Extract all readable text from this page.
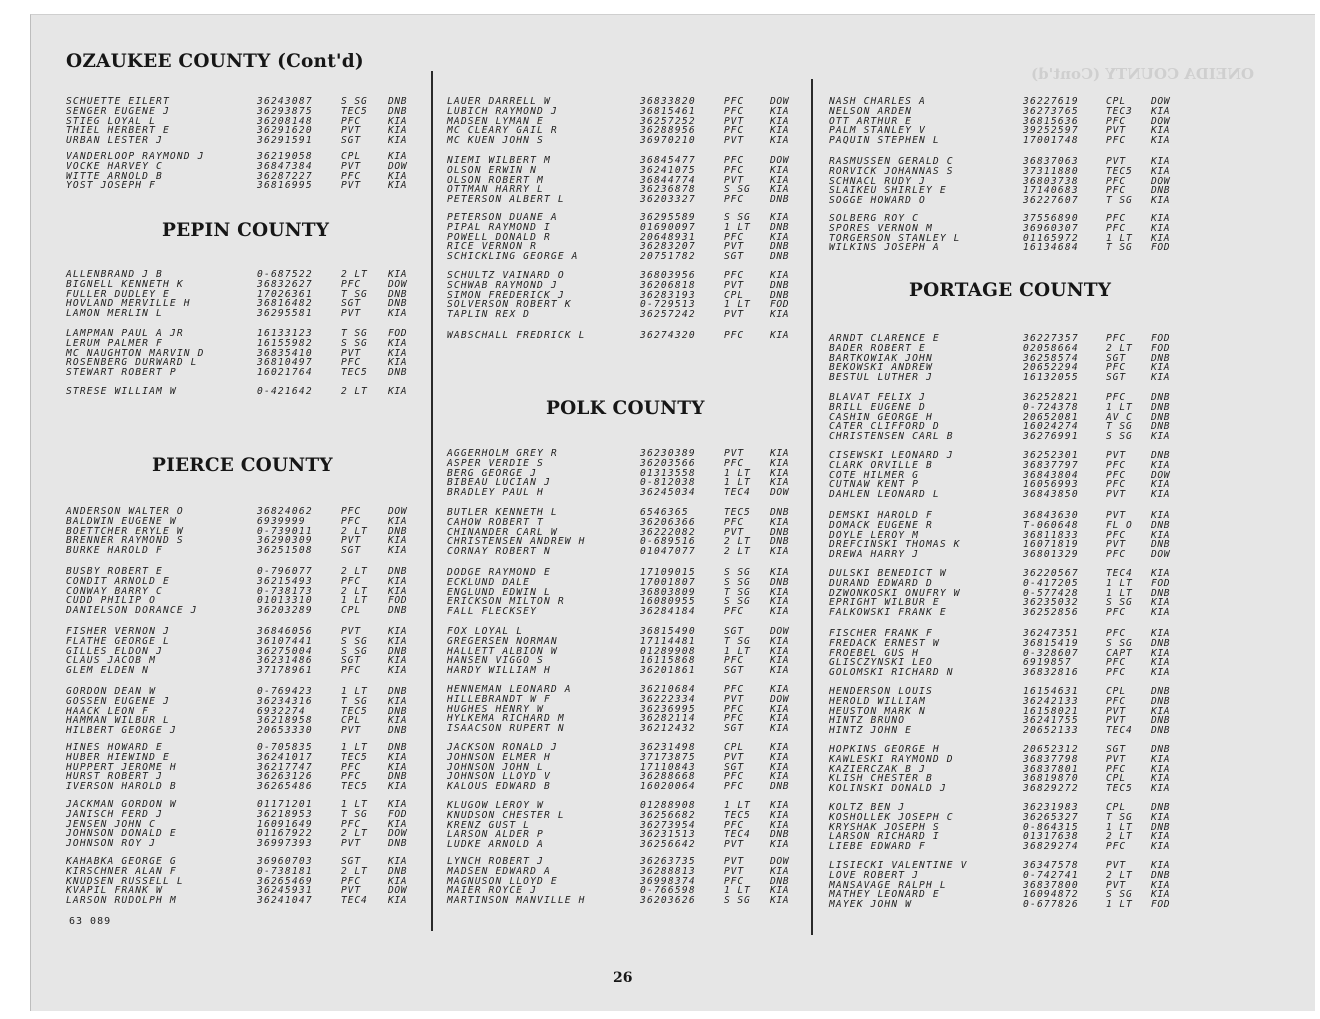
ONEIDA COUNTY (Cont'd)
OZAUKEE COUNTY (Cont'd)
SCHUETTE EILERT	36243087	S SG DNB
SENGER EUGENE J	36293875	TEC5 DNB
STIEG LOYAL L	36208148	PFC	KIA
THIEL HERBERT E	36291620	PVT	KIA
URBAN LESTER J	36291591	SGT	KIA
VANDERLOOP RAYMOND J	36219058	CPL	KIA
VOCKE HARVEY C	36847384	PVT	DOW
WITTE ARNOLD B	36287227	PFC	KIA
YOST JOSEPH F	36816995	PVT	KIA
PEPIN COUNTY
ALLENBRAND J B	0-687522	2 LT KIA
BIGNELL KENNETH K	36832627	PFC	DOW
FULLER DUDLEY E	17026361	T SG DNB
HOVLAND MERVILLE H	36816482	SGT	DNB
LAMON MERLIN L	36295581	PVT	KIA
LAMPMAN PAUL A JR	16133123	T SG FOD
LERUM PALMER F	16155982	S SG KIA
MC NAUGHTON MARVIN D	36835410	PVT	KIA
ROSENBERG DURWARD L	36810497	PFC	KIA
STEWART ROBERT P	16021764	TEC5 DNB
STRESE WILLIAM W	0-421642	2 LT KIA
PIERCE COUNTY
ANDERSON WALTER O	36824062	PFC	DOW
BALDWIN EUGENE W	6939999	PFC	KIA
BOETTCHER ERYLE W	0-739011	2 LT DNB
BRENNER RAYMOND S	36290309	PVT	KIA
BURKE HAROLD F	36251508	SGT	KIA
BUSBY ROBERT E	0-796077	2 LT DNB
CONDIT ARNOLD E	36215493	PFC	KIA
CONWAY BARRY C	0-738173	2 LT KIA
CUDD PHILIP O	01013310	1 LT FOD
DANIELSON DORANCE J	36203289	CPL	DNB
FISHER VERNON J	36846056	PVT	KIA
FLATHE GEORGE L	36107441	S SG KIA
GILLES ELDON J	36275004	S SG DNB
CLAUS JACOB M	36231486	SGT	KIA
GLEM ELDEN N	37178961	PFC	KIA
GORDON DEAN W	0-769423	1 LT DNB
GOSSEN EUGENE J	36234316	T SG KIA
HAACK LEON F	6932274	TEC5 DNB
HAMMAN WILBUR L	36218958	CPL	KIA
HILBERT GEORGE J	20653330	PVT	DNB
HINES HOWARD E	0-705835	1 LT DNB
HUBER HIEWIND E	36241017	TEC5 KIA
HUPPERT JEROME H	36217747	PFC	KIA
HURST ROBERT J	36263126	PFC	DNB
IVERSON HAROLD B	36265486	TEC5 KIA
JACKMAN GORDON W	01171201	1 LT KIA
JANISCH FERD J	36218953	T SG FOD
JENSEN JOHN C	16091649	PFC	KIA
JOHNSON DONALD E	01167922	2 LT DOW
JOHNSON ROY J	36997393	PVT	DNB
KAHABKA GEORGE G	36960703	SGT	KIA
KIRSCHNER ALAN F	0-738181	2 LT DNB
KNUDSEN RUSSELL L	36265469	PFC	KIA
KVAPIL FRANK W	36245931	PVT	DOW
LARSON RUDOLPH M	36241047	TEC4 KIA
LAUER DARRELL W	36833820	PFC	DOW
LUBICH RAYMOND J	36815461	PFC	KIA
MADSEN LYMAN E	36257252	PVT	KIA
MC CLEARY GAIL R	36288956	PFC	KIA
MC KUEN JOHN S	36970210	PVT	KIA
NIEMI WILBERT M	36845477	PFC	DOW
OLSON ERWIN N	36241075	PFC	KIA
OLSON ROBERT M	36844774	PVT	KIA
OTTMAN HARRY L	36236878	S SG KIA
PETERSON ALBERT L	36203327	PFC	DNB
PETERSON DUANE A	36295589	S SG KIA
PIPAL RAYMOND I	01690097	1 LT DNB
POWELL DONALD R	20648931	PFC	KIA
RICE VERNON R	36283207	PVT	DNB
SCHICKLING GEORGE A	20751782	SGT	DNB
SCHULTZ VAINARD O	36803956	PFC	KIA
SCHWAB RAYMOND J	36206818	PVT	DNB
SIMON FREDERICK J	36283193	CPL	DNB
SOLVERSON ROBERT K	0-729513	1 LT FOD
TAPLIN REX D	36257242	PVT	KIA
WABSCHALL FREDRICK L	36274320	PFC	KIA
POLK COUNTY
AGGERHOLM GREY R	36230389	PVT	KIA
ASPER VERDIE S	36203566	PFC	KIA
BERG GEORGE J	01313558	1 LT KIA
BIBEAU LUCIAN J	0-812038	1 LT KIA
BRADLEY PAUL H	36245034	TEC4 DOW
BUTLER KENNETH L	6546365	TEC5 DNB
CAHOW ROBERT T	36206366	PFC	KIA
CHINANDER CARL W	36222082	PVT	DNB
CHRISTENSEN ANDREW H	0-689516	2 LT DNB
CORNAY ROBERT N	01047077	2 LT KIA
DODGE RAYMOND E	17109015	S SG KIA
ECKLUND DALE	17001807	S SG DNB
ENGLUND EDWIN L	36803809	T SG KIA
ERICKSON MILTON R	16080955	S SG KIA
FALL FLECKSEY	36284184	PFC	KIA
FOX LOYAL L	36815490	SGT	DOW
GREGERSEN NORMAN	17114481	T SG KIA
HALLETT ALBION W	01289908	1 LT KIA
HANSEN VIGGO S	16115868	PFC	KIA
HARDY WILLIAM H	36201861	SGT	KIA
HENNEMAN LEONARD A	36210684	PFC	KIA
HILLEBRANDT W F	36222334	PVT	DOW
HUGHES HENRY W	36236995	PFC	KIA
HYLKEMA RICHARD M	36282114	PFC	KIA
ISAACSON RUPERT N	36212432	SGT	KIA
JACKSON RONALD J	36231498	CPL	KIA
JOHNSON ELMER H	37173875	PVT	KIA
JOHNSON JOHN L	17110843	SGT	KIA
JOHNSON LLOYD V	36288668	PFC	KIA
KALOUS EDWARD B	16020064	PFC	DNB
KLUGOW LEROY W	01288908	1 LT KIA
KNUDSON CHESTER L	36256682	TEC5 KIA
KRENZ GUST L	36273954	PFC	KIA
LARSON ALDER P	36231513	TEC4 DNB
LUDKE ARNOLD A	36256642	PVT	KIA
LYNCH ROBERT J	36263735	PVT	DOW
MADSEN EDWARD A	36288813	PVT	KIA
MAGNUSON LLOYD E	36998374	PFC	DNB
MAIER ROYCE J	0-766598	1 LT KIA
MARTINSON MANVILLE H	36203626	S SG KIA
NASH CHARLES A	36227619	CPL	DOW
NELSON ARDEN	36273765	TEC3 KIA
OTT ARTHUR E	36815636	PFC	DOW
PALM STANLEY V	39252597	PVT	KIA
PAQUIN STEPHEN L	17001748	PFC	KIA
RASMUSSEN GERALD C	36837063	PVT	KIA
RORVICK JOHANNAS S	37311880	TEC5 KIA
SCHNACL RUDY J	36803738	PFC	DOW
SLAIKEU SHIRLEY E	17140683	PFC	DNB
SOGGE HOWARD O	36227607	T SG KIA
SOLBERG ROY C	37556890	PFC	KIA
SPORES VERNON M	36960307	PFC	KIA
TORGERSON STANLEY L	01165972	1 LT KIA
WILKINS JOSEPH A	16134684	T SG FOD
PORTAGE COUNTY
ARNDT CLARENCE E	36227357	PFC	FOD
BADER ROBERT E	02058664	2 LT FOD
BARTKOWIAK JOHN	36258574	SGT	DNB
BEKOWSKI ANDREW	20652294	PFC	KIA
BESTUL LUTHER J	16132055	SGT	KIA
BLAVAT FELIX J	36252821	PFC	DNB
BRILL EUGENE D	0-724378	1 LT DNB
CASHIN GEORGE H	20652081	AV C DNB
CATER CLIFFORD D	16024274	T SG DNB
CHRISTENSEN CARL B	36276991	S SG KIA
CISEWSKI LEONARD J	36252301	PVT	DNB
CLARK ORVILLE B	36837797	PFC	KIA
COTE HILMER G	36843804	PFC	DOW
CUTNAW KENT P	16056993	PFC	KIA
DAHLEN LEONARD L	36843850	PVT	KIA
DEMSKI HAROLD F	36843630	PVT	KIA
DOMACK EUGENE R	T-060648	FL O DNB
DOYLE LEROY M	36811833	PFC	KIA
DREFCINSKI THOMAS K	16071819	PVT	DNB
DREWA HARRY J	36801329	PFC	DOW
DULSKI BENEDICT W	36220567	TEC4 KIA
DURAND EDWARD D	0-417205	1 LT FOD
DZWONKOSKI ONUFRY W	0-577428	1 LT DNB
EPRIGHT WILBUR E	36235032	S SG KIA
FALKOWSKI FRANK E	36252856	PFC	KIA
FISCHER FRANK F	36247351	PFC	KIA
FREDACK ERNEST W	36815419	S SG DNB
FROEBEL GUS H	0-328607	CAPT KIA
GLISCZYNSKI LEO	6919857	PFC	KIA
GOLOMSKI RICHARD N	36832816	PFC	KIA
HENDERSON LOUIS	16154631	CPL	DNB
HEROLD WILLIAM	36242133	PFC	DNB
HEUSTON MARK N	16158021	PVT	KIA
HINTZ BRUNO	36241755	PVT	DNB
HINTZ JOHN E	20652133	TEC4 DNB
HOPKINS GEORGE H	20652312	SGT	DNB
KAWLESKI RAYMOND D	36837798	PVT	KIA
KAZIERCZAK B J	36837801	PFC	KIA
KLISH CHESTER B	36819870	CPL	KIA
KOLINSKI DONALD J	36829272	TEC5 KIA
KOLTZ BEN J	36231983	CPL	DNB
KOSHOLLEK JOSEPH C	36265327	T SG KIA
KRYSHAK JOSEPH S	0-864315	1 LT DNB
LARSON RICHARD I	01317638	2 LT KIA
LIEBE EDWARD F	36829274	PFC	KIA
LISIECKI VALENTINE V	36347578	PVT	KIA
LOVE ROBERT J	0-742741	2 LT DNB
MANSAVAGE RALPH L	36837800	PVT	KIA
MATHEY LEONARD E	16094872	S SG KIA
MAYEK JOHN W	0-677826	1 LT FOD
63 089
26
